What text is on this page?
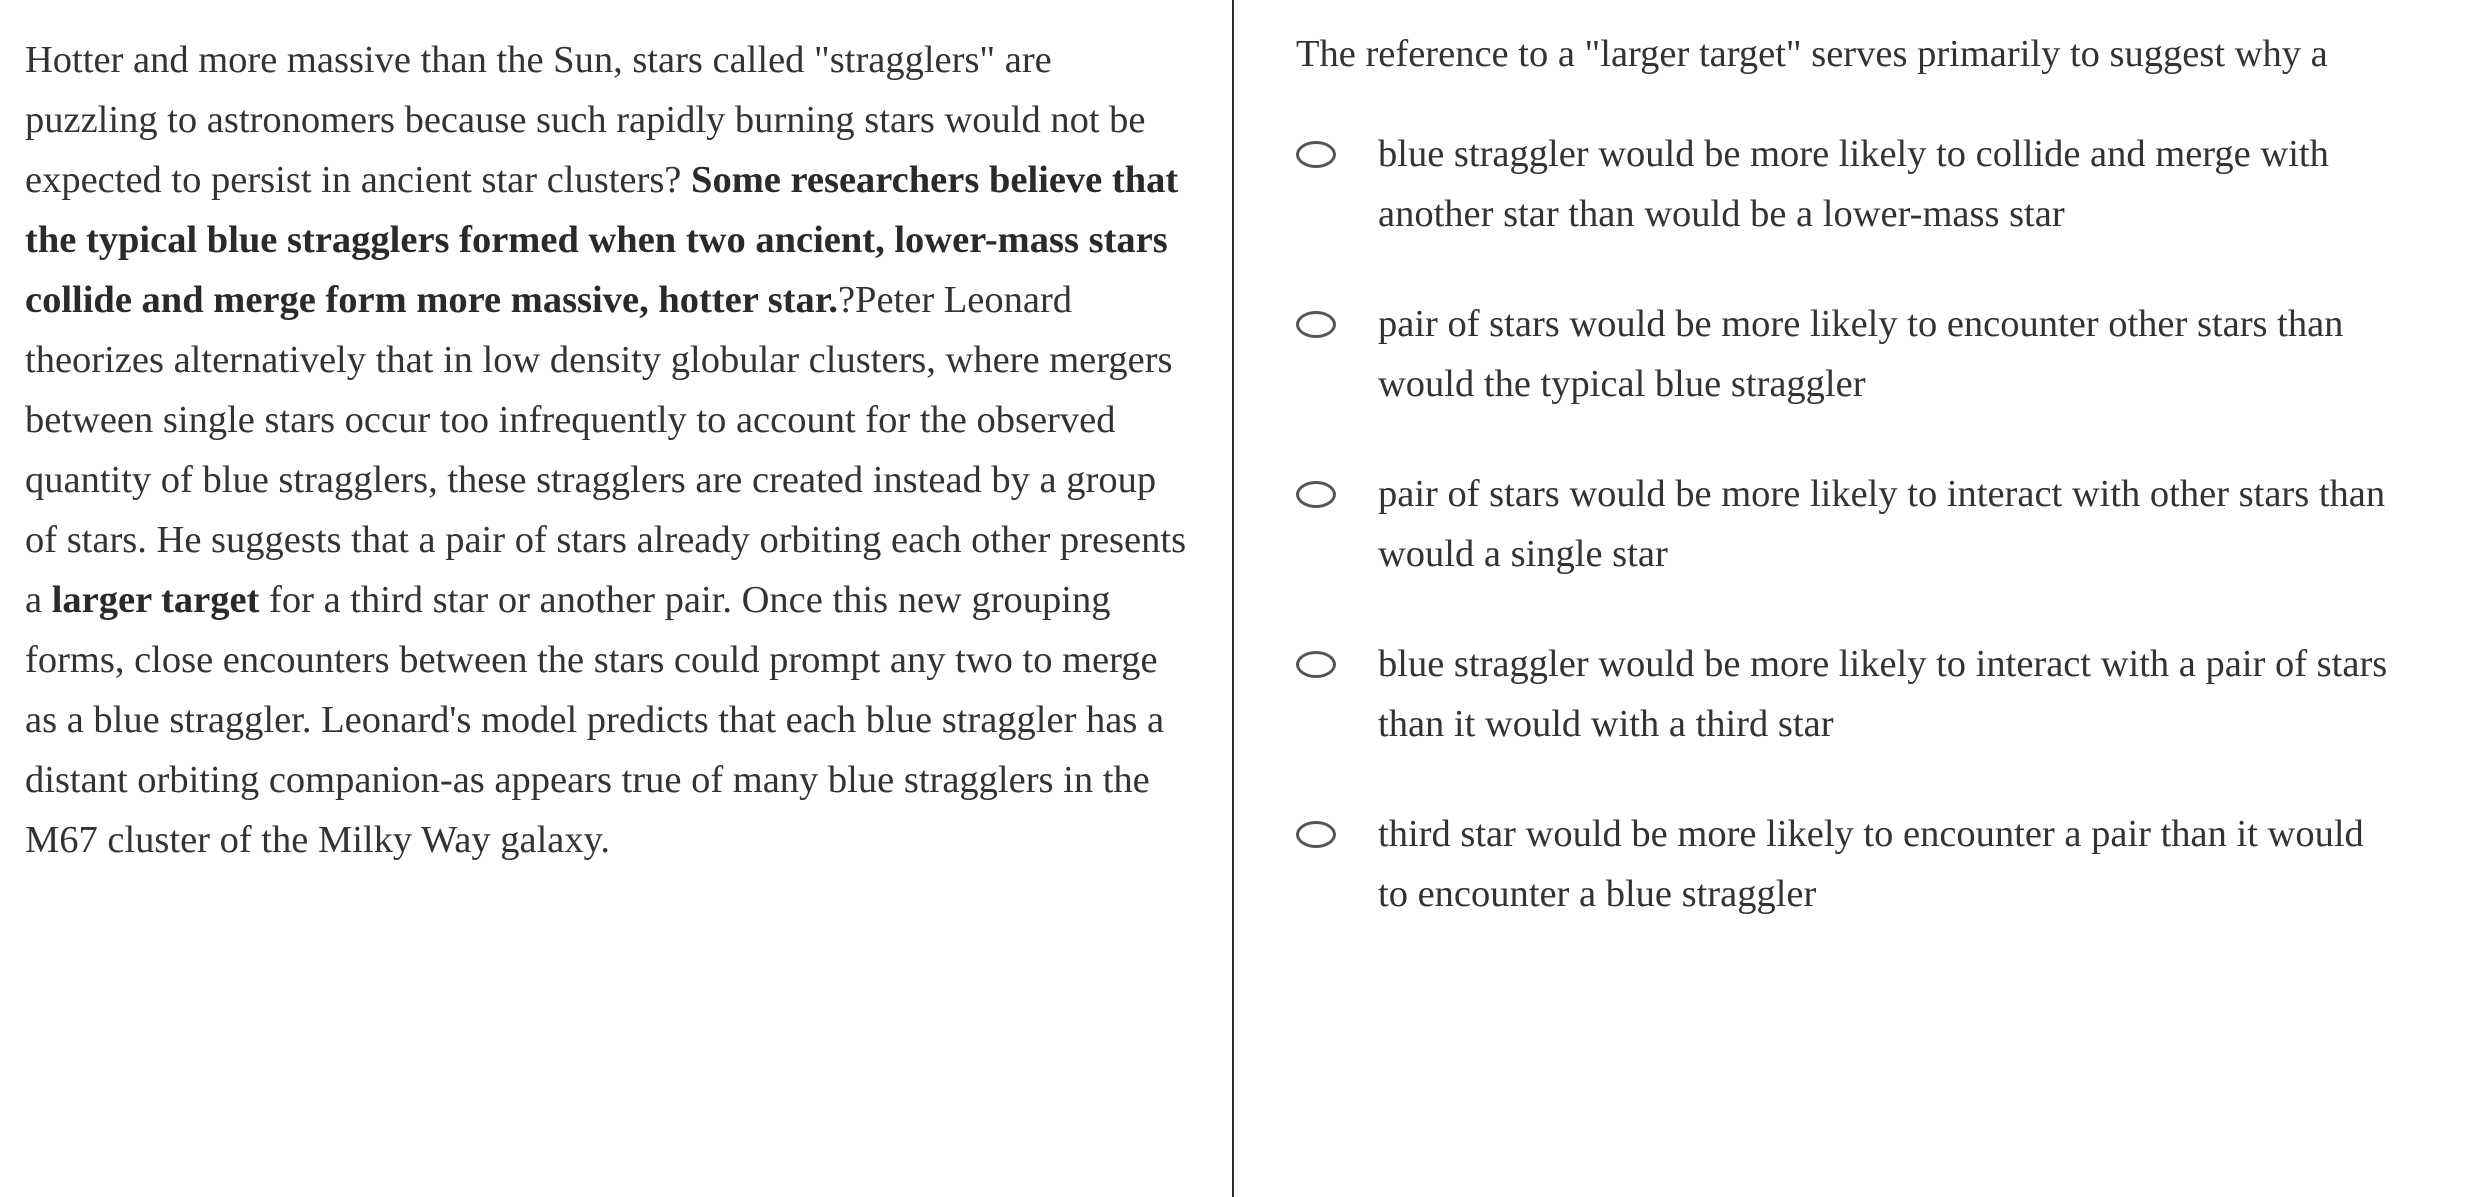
Hotter and more massive than the Sun, stars called "stragglers" are puzzling to astronomers because such rapidly burning stars would not be expected to persist in ancient star clusters? Some researchers believe that the typical blue stragglers formed when two ancient, lower-mass stars collide and merge form more massive, hotter star.?Peter Leonard theorizes alternatively that in low density globular clusters, where mergers between single stars occur too infrequently to account for the observed quantity of blue stragglers, these stragglers are created instead by a group of stars. He suggests that a pair of stars already orbiting each other presents a larger target for a third star or another pair. Once this new grouping forms, close encounters between the stars could prompt any two to merge as a blue straggler. Leonard's model predicts that each blue straggler has a distant orbiting companion-as appears true of many blue stragglers in the M67 cluster of the Milky Way galaxy.

The reference to a "larger target" serves primarily to suggest why a

blue straggler would be more likely to collide and merge with another star than would be a lower-mass star
pair of stars would be more likely to encounter other stars than would the typical blue straggler
pair of stars would be more likely to interact with other stars than would a single star
blue straggler would be more likely to interact with a pair of stars than it would with a third star
third star would be more likely to encounter a pair than it would to encounter a blue straggler
